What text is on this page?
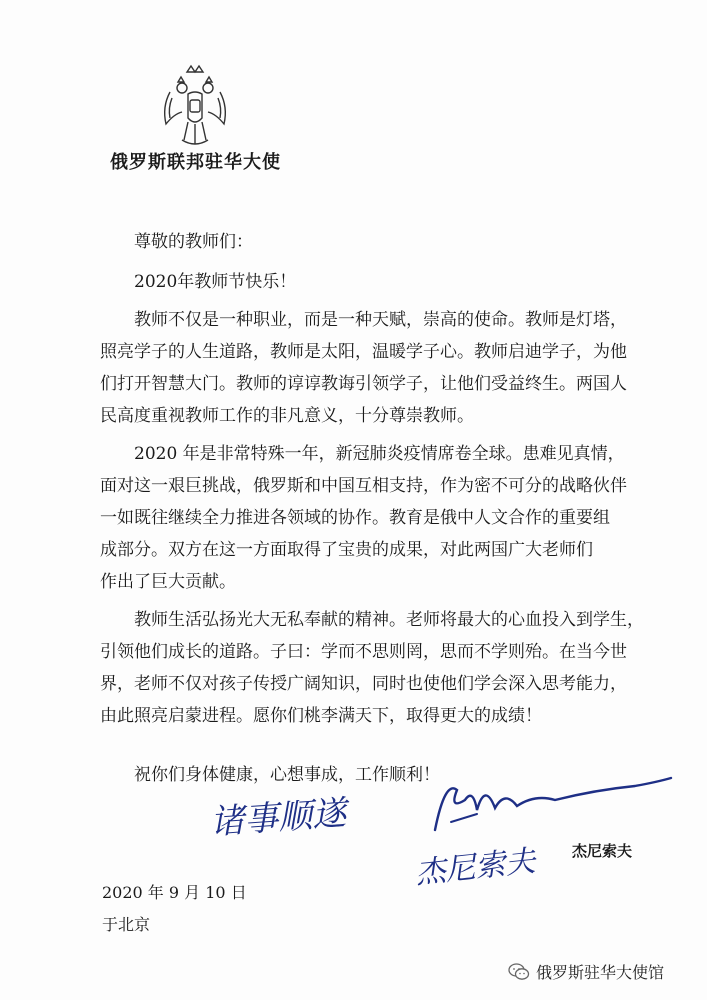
俄罗斯联邦驻华大使
尊敬的教师们：
2020年教师节快乐！
教师不仅是一种职业，而是一种天赋，崇高的使命。教师是灯塔，
照亮学子的人生道路，教师是太阳，温暖学子心。教师启迪学子，为他
们打开智慧大门。教师的谆谆教诲引领学子，让他们受益终生。两国人
民高度重视教师工作的非凡意义，十分尊崇教师。
2020 年是非常特殊一年，新冠肺炎疫情席卷全球。患难见真情，
面对这一艰巨挑战，俄罗斯和中国互相支持，作为密不可分的战略伙伴
一如既往继续全力推进各领域的协作。教育是俄中人文合作的重要组
成部分。双方在这一方面取得了宝贵的成果，对此两国广大老师们
作出了巨大贡献。
教师生活弘扬光大无私奉献的精神。老师将最大的心血投入到学生，
引领他们成长的道路。子曰：学而不思则罔，思而不学则殆。在当今世
界，老师不仅对孩子传授广阔知识，同时也使他们学会深入思考能力，
由此照亮启蒙进程。愿你们桃李满天下，取得更大的成绩！
祝你们身体健康，心想事成，工作顺利！
诸事顺遂
杰尼索夫 杰尼索夫
2020 年 9 月 10 日
于北京
俄罗斯驻华大使馆
